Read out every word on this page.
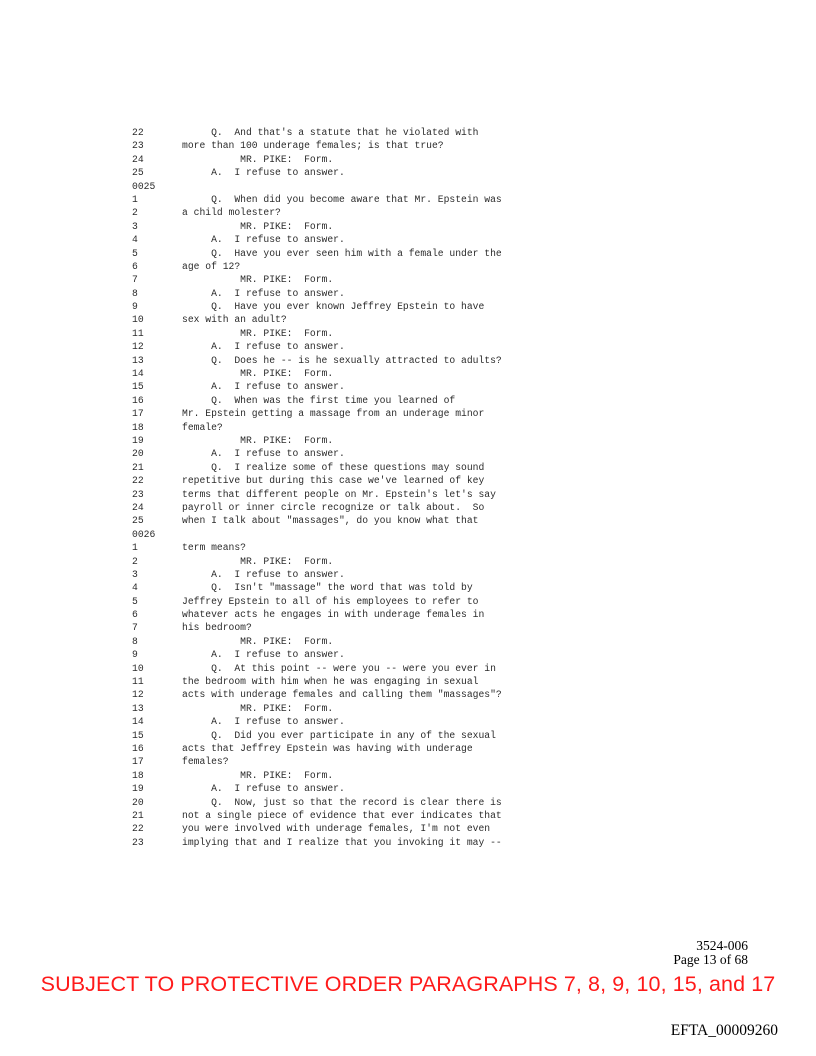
22	Q.  And that's a statute that he violated with
23	more than 100 underage females; is that true?
24	MR. PIKE:  Form.
25	A.  I refuse to answer.
0025
1	Q.  When did you become aware that Mr. Epstein was
2	a child molester?
3	MR. PIKE:  Form.
4	A.  I refuse to answer.
5	Q.  Have you ever seen him with a female under the
6	age of 12?
7	MR. PIKE:  Form.
8	A.  I refuse to answer.
9	Q.  Have you ever known Jeffrey Epstein to have
10	sex with an adult?
11	MR. PIKE:  Form.
12	A.  I refuse to answer.
13	Q.  Does he -- is he sexually attracted to adults?
14	MR. PIKE:  Form.
15	A.  I refuse to answer.
16	Q.  When was the first time you learned of
17	Mr. Epstein getting a massage from an underage minor
18	female?
19	MR. PIKE:  Form.
20	A.  I refuse to answer.
21	Q.  I realize some of these questions may sound
22	repetitive but during this case we've learned of key
23	terms that different people on Mr. Epstein's let's say
24	payroll or inner circle recognize or talk about.  So
25	when I talk about "massages", do you know what that
0026
1	term means?
2	MR. PIKE:  Form.
3	A.  I refuse to answer.
4	Q.  Isn't "massage" the word that was told by
5	Jeffrey Epstein to all of his employees to refer to
6	whatever acts he engages in with underage females in
7	his bedroom?
8	MR. PIKE:  Form.
9	A.  I refuse to answer.
10	Q.  At this point -- were you -- were you ever in
11	the bedroom with him when he was engaging in sexual
12	acts with underage females and calling them "massages"?
13	MR. PIKE:  Form.
14	A.  I refuse to answer.
15	Q.  Did you ever participate in any of the sexual
16	acts that Jeffrey Epstein was having with underage
17	females?
18	MR. PIKE:  Form.
19	A.  I refuse to answer.
20	Q.  Now, just so that the record is clear there is
21	not a single piece of evidence that ever indicates that
22	you were involved with underage females, I'm not even
23	implying that and I realize that you invoking it may --
3524-006
Page 13 of 68
SUBJECT TO PROTECTIVE ORDER PARAGRAPHS 7, 8, 9, 10, 15, and 17
EFTA_00009260
